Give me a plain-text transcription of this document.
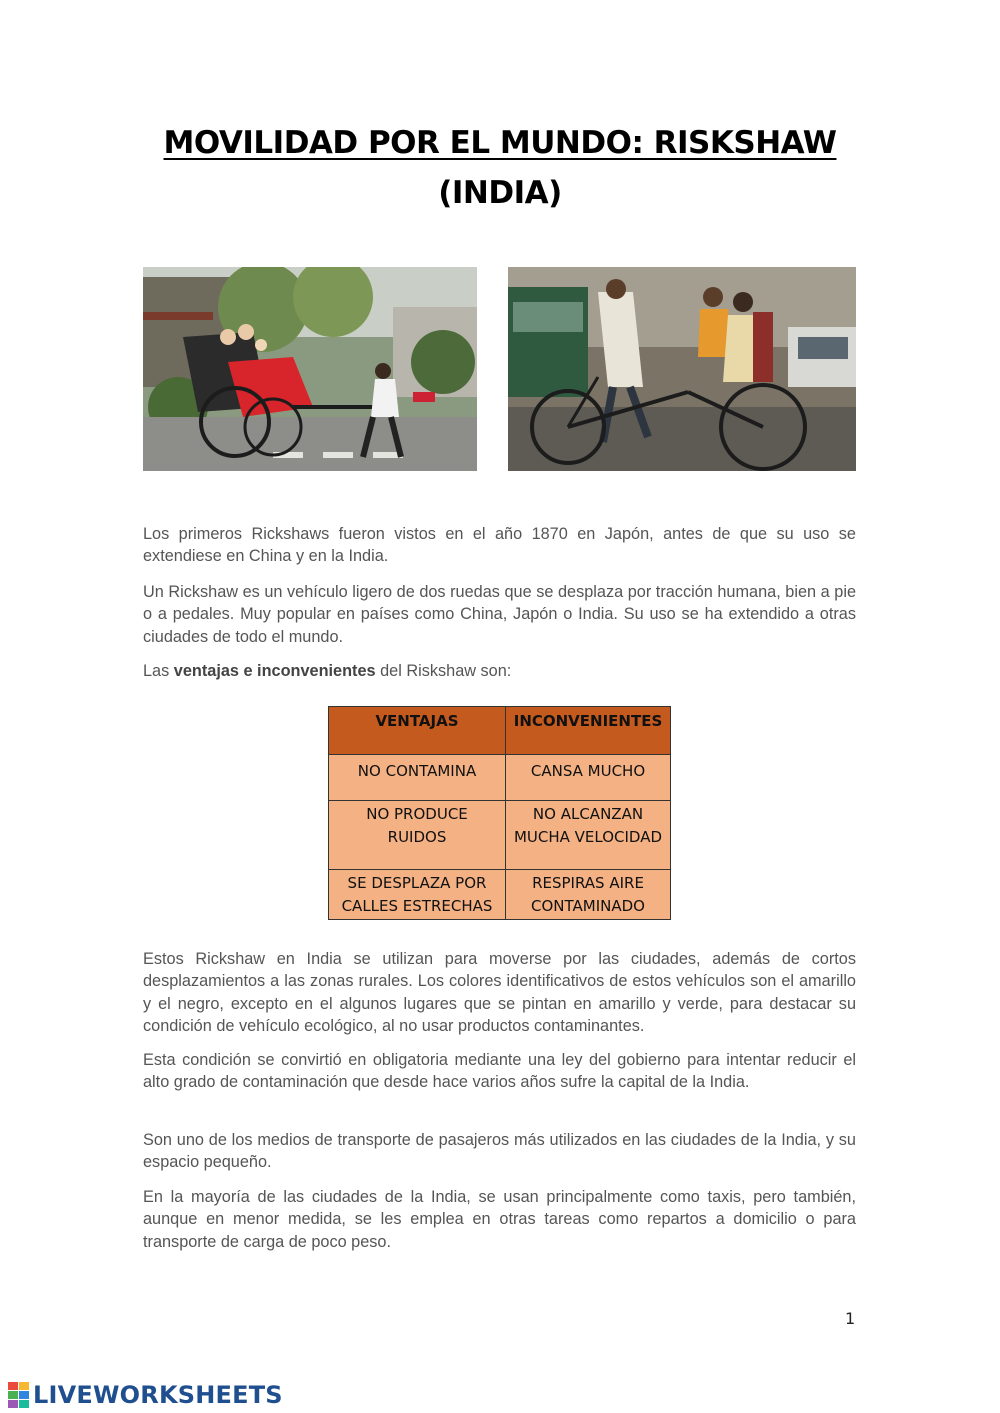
MOVILIDAD POR EL MUNDO: RISKSHAW
(INDIA)

Los primeros Rickshaws fueron vistos en el año 1870 en Japón, antes de que su uso se extendiese en China y en la India.

Un Rickshaw es un vehículo ligero de dos ruedas que se desplaza por tracción humana, bien a pie o a pedales. Muy popular en países como China, Japón o India. Su uso se ha extendido a otras ciudades de todo el mundo.

Las ventajas e inconvenientes del Riskshaw son:

VENTAJAS	INCONVENIENTES
NO CONTAMINA	CANSA MUCHO
NO PRODUCE RUIDOS	NO ALCANZAN MUCHA VELOCIDAD
SE DESPLAZA POR CALLES ESTRECHAS	RESPIRAS AIRE CONTAMINADO

Estos Rickshaw en India se utilizan para moverse por las ciudades, además de cortos desplazamientos a las zonas rurales. Los colores identificativos de estos vehículos son el amarillo y el negro, excepto en el algunos lugares que se pintan en amarillo y verde, para destacar su condición de vehículo ecológico, al no usar productos contaminantes.

Esta condición se convirtió en obligatoria mediante una ley del gobierno para intentar reducir el alto grado de contaminación que desde hace varios años sufre la capital de la India.

Son uno de los medios de transporte de pasajeros más utilizados en las ciudades de la India, y su espacio pequeño.

En la mayoría de las ciudades de la India, se usan principalmente como taxis, pero también, aunque en menor medida, se les emplea en otras tareas como repartos a domicilio o para transporte de carga de poco peso.

1
LIVEWORKSHEETS
